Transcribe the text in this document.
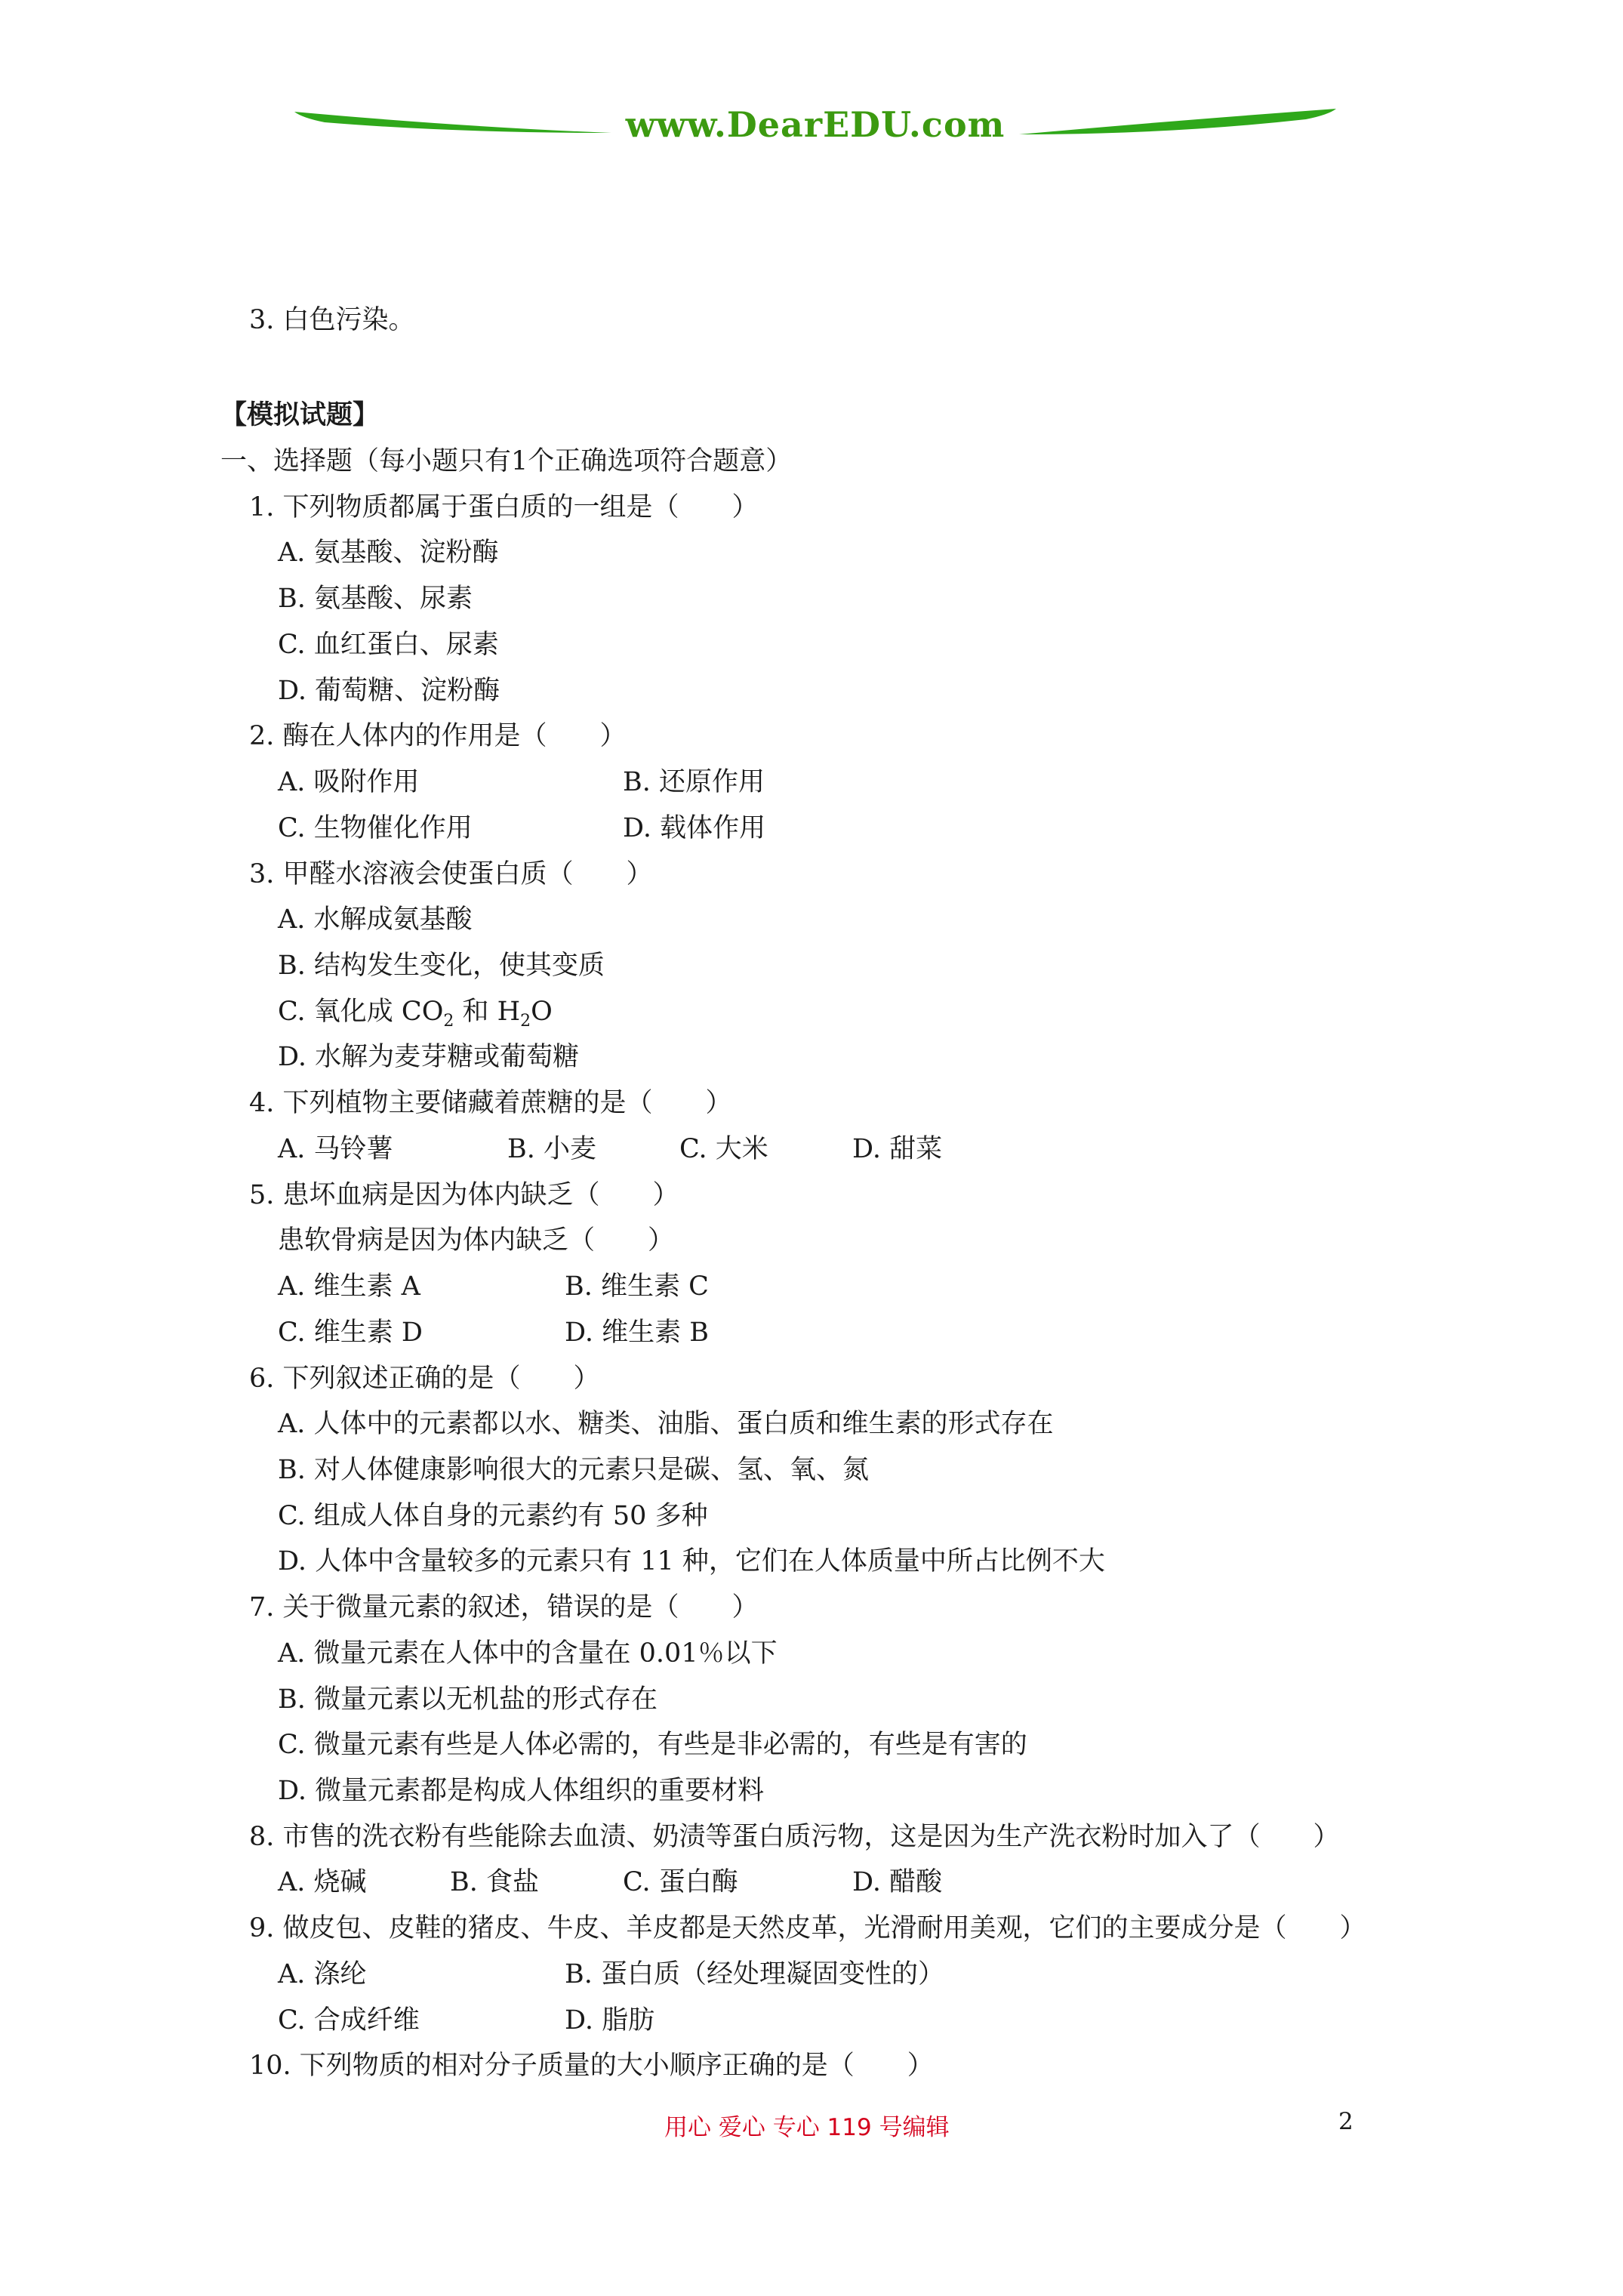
www.DearEDU.com
3. 白色污染。
【模拟试题】
一、选择题（每小题只有1个正确选项符合题意）
1. 下列物质都属于蛋白质的一组是（　　）
A. 氨基酸、淀粉酶
B. 氨基酸、尿素
C. 血红蛋白、尿素
D. 葡萄糖、淀粉酶
2. 酶在人体内的作用是（　　）
A. 吸附作用	B. 还原作用
C. 生物催化作用	D. 载体作用
3. 甲醛水溶液会使蛋白质（　　）
A. 水解成氨基酸
B. 结构发生变化，使其变质
C. 氧化成 $CO_2$ 和 $H_2O$
D. 水解为麦芽糖或葡萄糖
4. 下列植物主要储藏着蔗糖的是（　　）
A. 马铃薯	B. 小麦	C. 大米	D. 甜菜
5. 患坏血病是因为体内缺乏（　　）
患软骨病是因为体内缺乏（　　）
A. 维生素 A	B. 维生素 C
C. 维生素 D	D. 维生素 B
6. 下列叙述正确的是（　　）
A. 人体中的元素都以水、糖类、油脂、蛋白质和维生素的形式存在
B. 对人体健康影响很大的元素只是碳、氢、氧、氮
C. 组成人体自身的元素约有 50 多种
D. 人体中含量较多的元素只有 11 种，它们在人体质量中所占比例不大
7. 关于微量元素的叙述，错误的是（　　）
A. 微量元素在人体中的含量在 0.01％以下
B. 微量元素以无机盐的形式存在
C. 微量元素有些是人体必需的，有些是非必需的，有些是有害的
D. 微量元素都是构成人体组织的重要材料
8. 市售的洗衣粉有些能除去血渍、奶渍等蛋白质污物，这是因为生产洗衣粉时加入了（　　）
A. 烧碱	B. 食盐	C. 蛋白酶	D. 醋酸
9. 做皮包、皮鞋的猪皮、牛皮、羊皮都是天然皮革，光滑耐用美观，它们的主要成分是（　　）
A. 涤纶	B. 蛋白质（经处理凝固变性的）
C. 合成纤维	D. 脂肪
10. 下列物质的相对分子质量的大小顺序正确的是（　　）
用心 爱心 专心 119 号编辑	2
